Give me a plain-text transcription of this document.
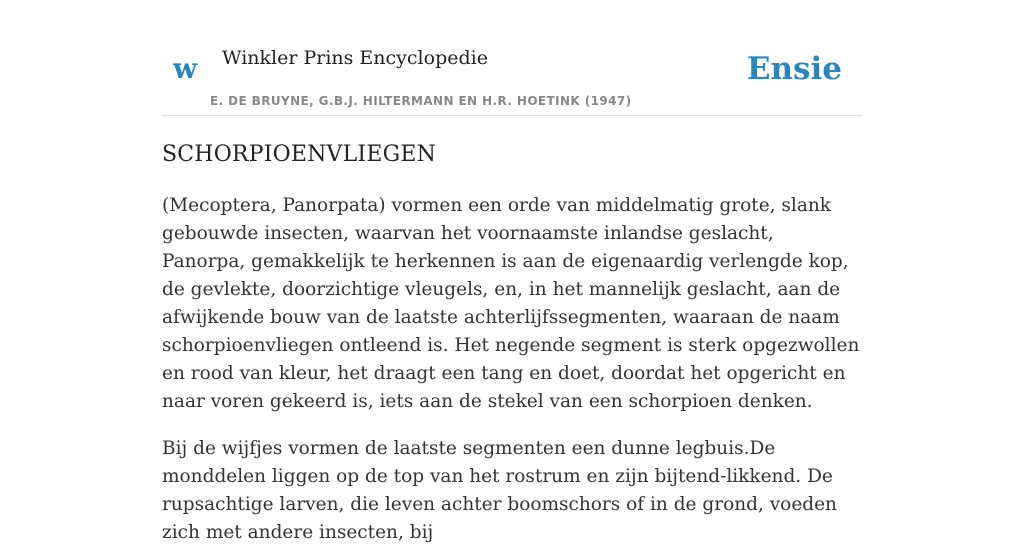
w Winkler Prins Encyclopedie
E. DE BRUYNE, G.B.J. HILTERMANN EN H.R. HOETINK (1947)
Ensie
SCHORPIOENVLIEGEN

(Mecoptera, Panorpata) vormen een orde van middelmatig grote, slank gebouwde insecten, waarvan het voornaamste inlandse geslacht, Panorpa, gemakkelijk te herkennen is aan de eigenaardig verlengde kop, de gevlekte, doorzichtige vleugels, en, in het mannelijk geslacht, aan de afwijkende bouw van de laatste achterlijfssegmenten, waaraan de naam schorpioenvliegen ontleend is. Het negende segment is sterk opgezwollen en rood van kleur, het draagt een tang en doet, doordat het opgericht en naar voren gekeerd is, iets aan de stekel van een schorpioen denken.

Bij de wijfjes vormen de laatste segmenten een dunne legbuis.De monddelen liggen op de top van het rostrum en zijn bijtend-likkend. De rupsachtige larven, die leven achter boomschors of in de grond, voeden zich met andere insecten, bij
